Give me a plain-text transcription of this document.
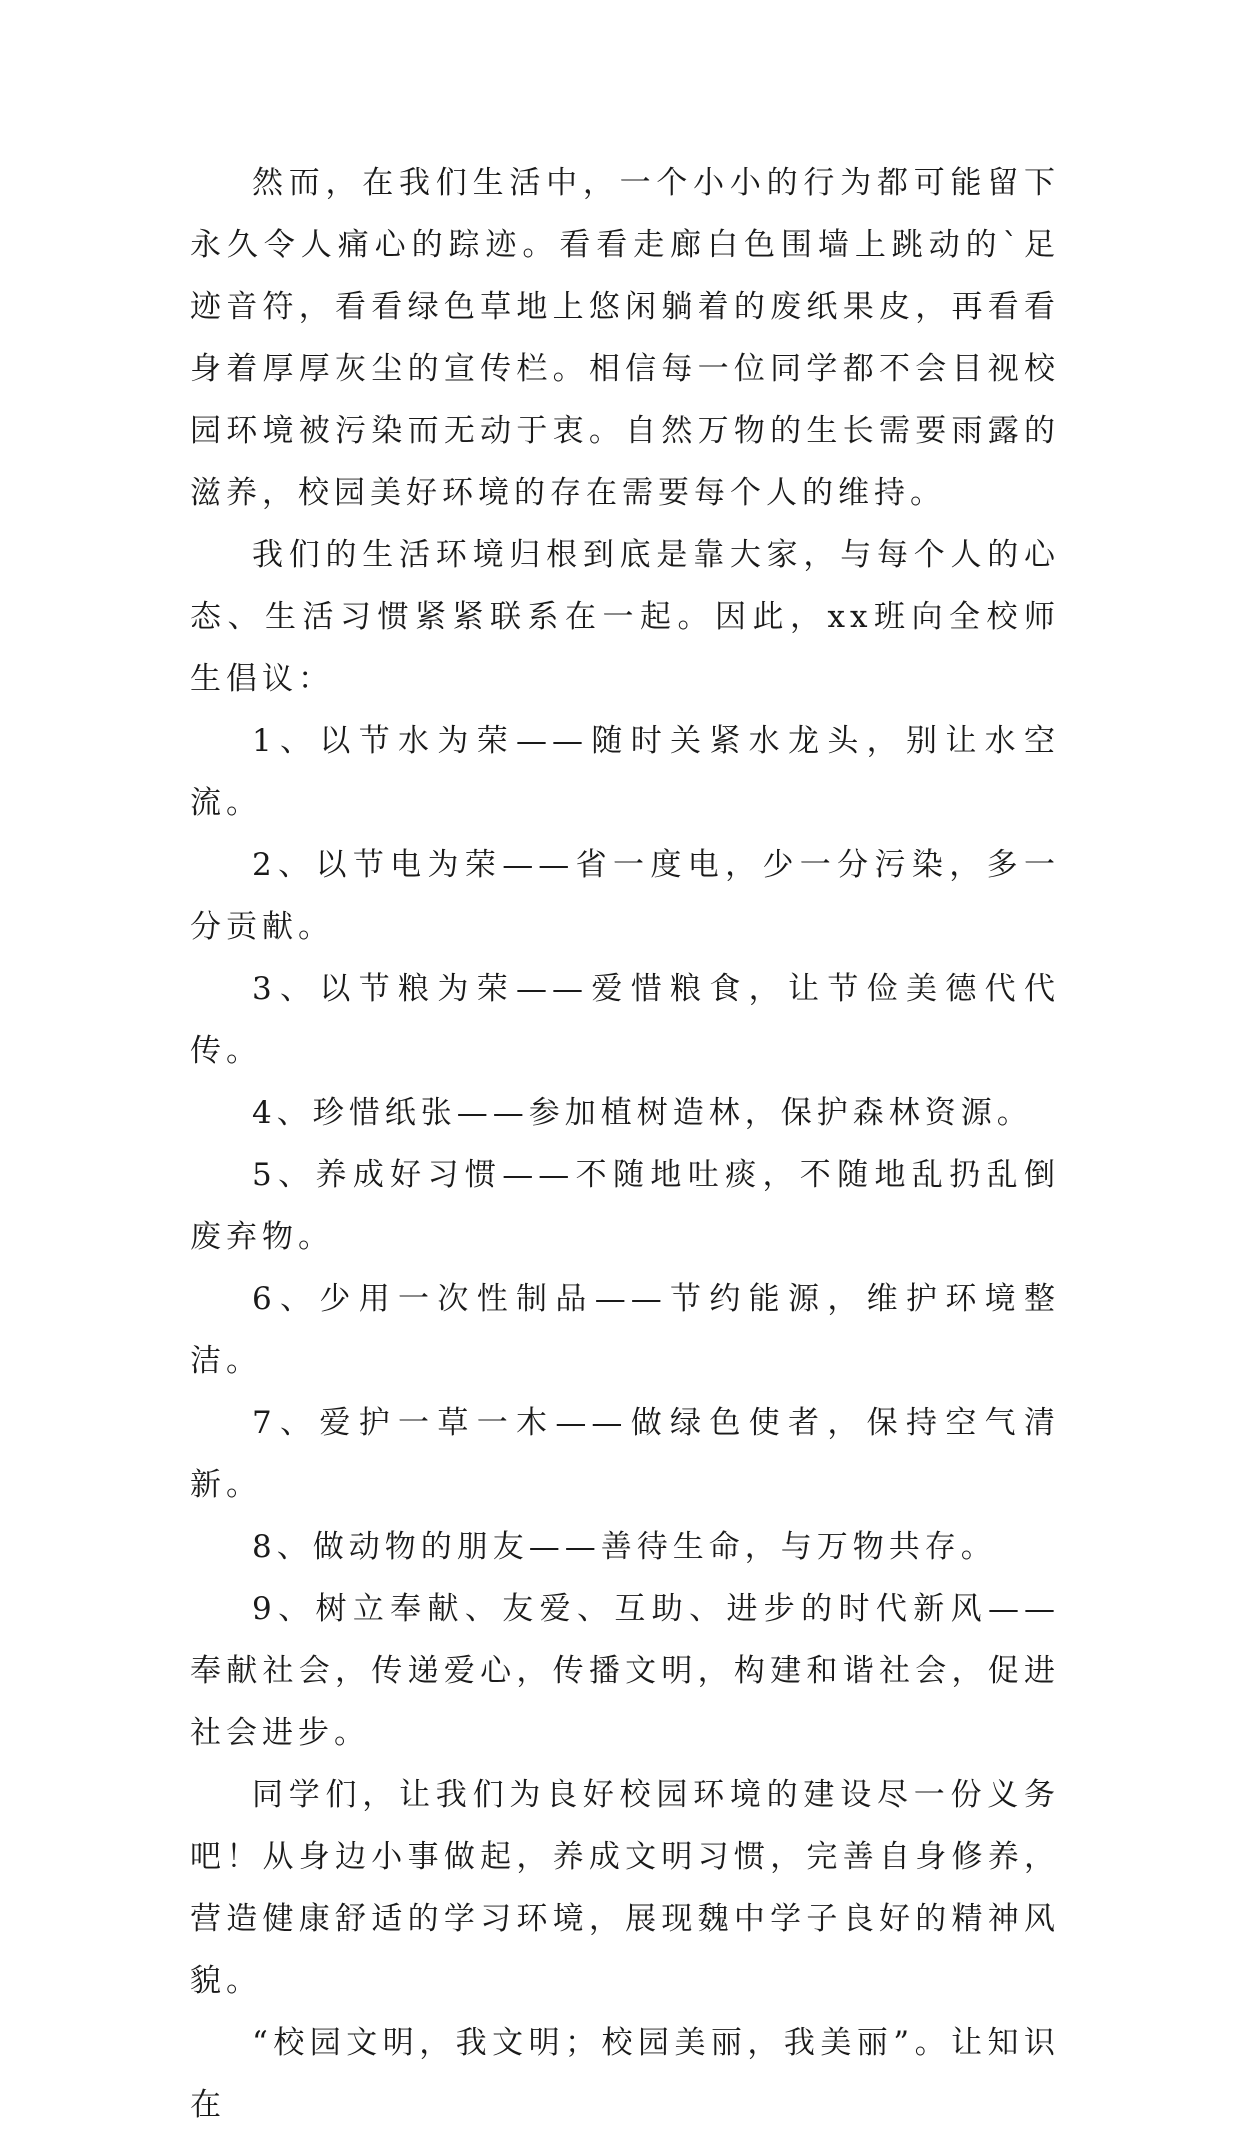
然而，在我们生活中，一个小小的行为都可能留下永久令人痛心的踪迹。看看走廊白色围墙上跳动的`足迹音符，看看绿色草地上悠闲躺着的废纸果皮，再看看身着厚厚灰尘的宣传栏。相信每一位同学都不会目视校园环境被污染而无动于衷。自然万物的生长需要雨露的滋养，校园美好环境的存在需要每个人的维持。

我们的生活环境归根到底是靠大家，与每个人的心态、生活习惯紧紧联系在一起。因此，xx班向全校师生倡议：

1、以节水为荣——随时关紧水龙头，别让水空流。

2、以节电为荣——省一度电，少一分污染，多一分贡献。

3、以节粮为荣——爱惜粮食，让节俭美德代代传。

4、珍惜纸张——参加植树造林，保护森林资源。

5、养成好习惯——不随地吐痰，不随地乱扔乱倒废弃物。

6、少用一次性制品——节约能源，维护环境整洁。

7、爱护一草一木——做绿色使者，保持空气清新。

8、做动物的朋友——善待生命，与万物共存。

9、树立奉献、友爱、互助、进步的时代新风——奉献社会，传递爱心，传播文明，构建和谐社会，促进社会进步。

同学们，让我们为良好校园环境的建设尽一份义务吧！从身边小事做起，养成文明习惯，完善自身修养，营造健康舒适的学习环境，展现魏中学子良好的精神风貌。

“校园文明，我文明；校园美丽，我美丽”。让知识在
